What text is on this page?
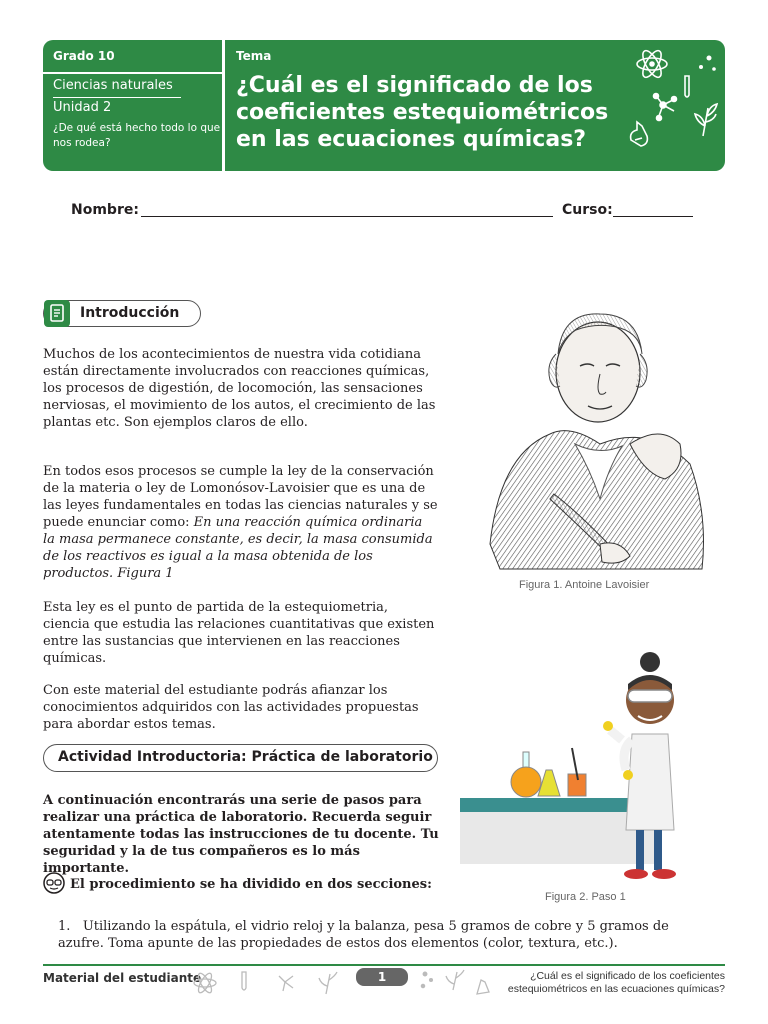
Grado 10
Ciencias naturales
Unidad 2
¿De qué está hecho todo lo que nos rodea?
Tema
¿Cuál es el significado de los coeficientes estequiométricos en las ecuaciones químicas?
Nombre:	Curso:
Introducción
Muchos de los acontecimientos de nuestra vida cotidiana están directamente involucrados con reacciones químicas, los procesos de digestión, de locomoción, las sensaciones nerviosas, el movimiento de los autos, el crecimiento de las plantas etc. Son ejemplos claros de ello.
En todos esos procesos se cumple la ley de la conservación de la materia o ley de Lomonósov-Lavoisier que es una de las leyes fundamentales en todas las ciencias naturales y se puede enunciar como: En una reacción química ordinaria la masa permanece constante, es decir, la masa consumida de los reactivos es igual a la masa obtenida de los productos. Figura 1
Esta ley es el punto de partida de la estequiometria, ciencia que estudia las relaciones cuantitativas que existen entre las sustancias que intervienen en las reacciones químicas.
Con este material del estudiante podrás afianzar los conocimientos adquiridos con las actividades propuestas para abordar estos temas.
Figura 1. Antoine Lavoisier
Actividad Introductoria: Práctica de laboratorio
A continuación encontrarás una serie de pasos para realizar una práctica de laboratorio. Recuerda seguir atentamente todas las instrucciones de tu docente. Tu seguridad y la de tus compañeros es lo más importante.
El procedimiento se ha dividido en dos secciones:
Figura 2. Paso 1
1. Utilizando la espátula, el vidrio reloj y la balanza, pesa 5 gramos de cobre y 5 gramos de azufre. Toma apunte de las propiedades de estos dos elementos (color, textura, etc.).
Material del estudiante	1	¿Cuál es el significado de los coeficientes estequiométricos en las ecuaciones químicas?
